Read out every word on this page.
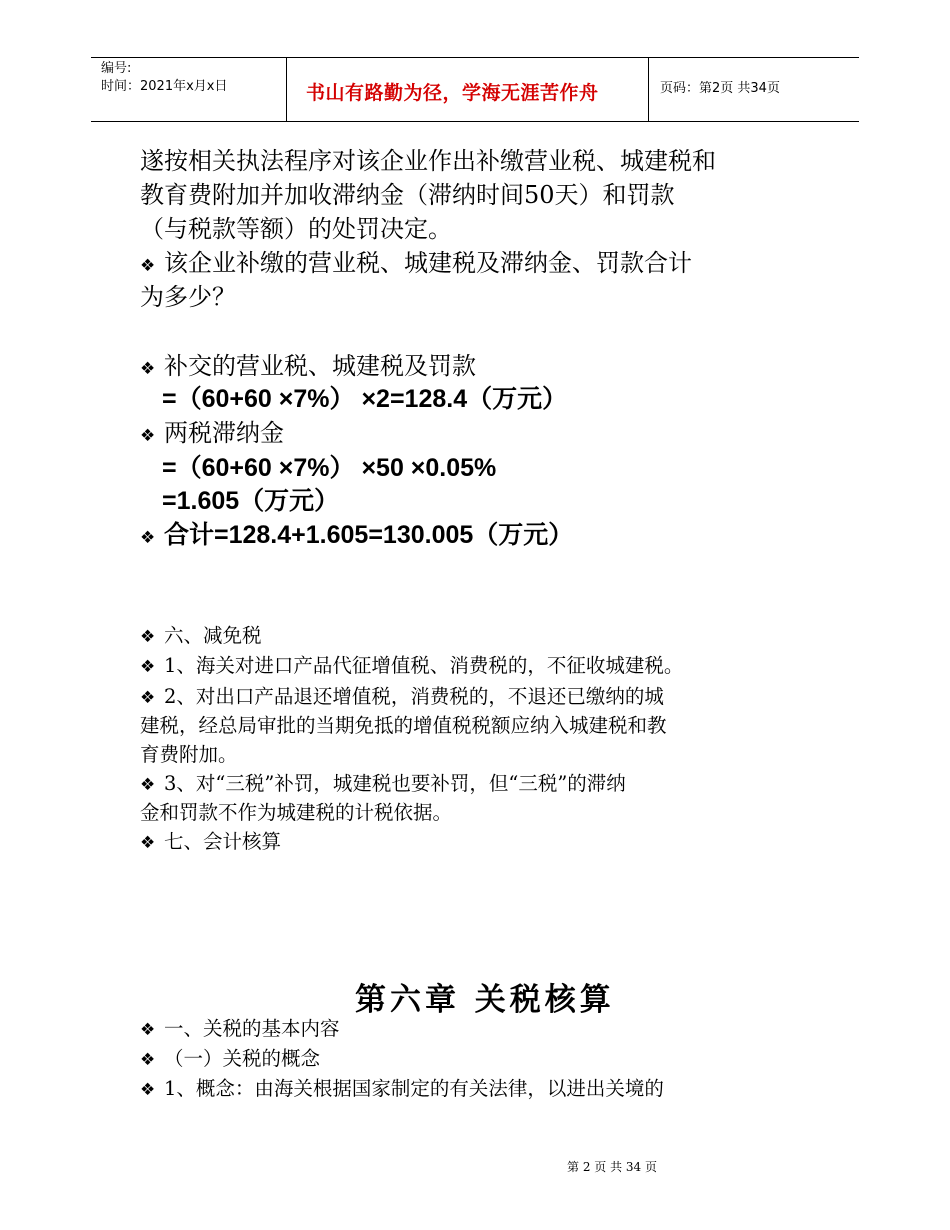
编号:
时间：2021年x月x日	书山有路勤为径，学海无涯苦作舟	页码：第2页 共34页
遂按相关执法程序对该企业作出补缴营业税、城建税和
教育费附加并加收滞纳金（滞纳时间50天）和罚款
（与税款等额）的处罚决定。
❖ 该企业补缴的营业税、城建税及滞纳金、罚款合计
为多少？
❖ 补交的营业税、城建税及罚款
=（60+60 ×7%） ×2=128.4（万元）
❖ 两税滞纳金
=（60+60 ×7%） ×50 ×0.05%
=1.605（万元）
❖ 合计=128.4+1.605=130.005（万元）
❖ 六、减免税
❖ 1、海关对进口产品代征增值税、消费税的，不征收城建税。
❖ 2、对出口产品退还增值税，消费税的，不退还已缴纳的城
建税，经总局审批的当期免抵的增值税税额应纳入城建税和教
育费附加。
❖ 3、对“三税”补罚，城建税也要补罚，但“三税”的滞纳
金和罚款不作为城建税的计税依据。
❖ 七、会计核算
第六章 关税核算
❖ 一、关税的基本内容
❖ （一）关税的概念
❖ 1、概念：由海关根据国家制定的有关法律，以进出关境的
第 2 页 共 34 页
